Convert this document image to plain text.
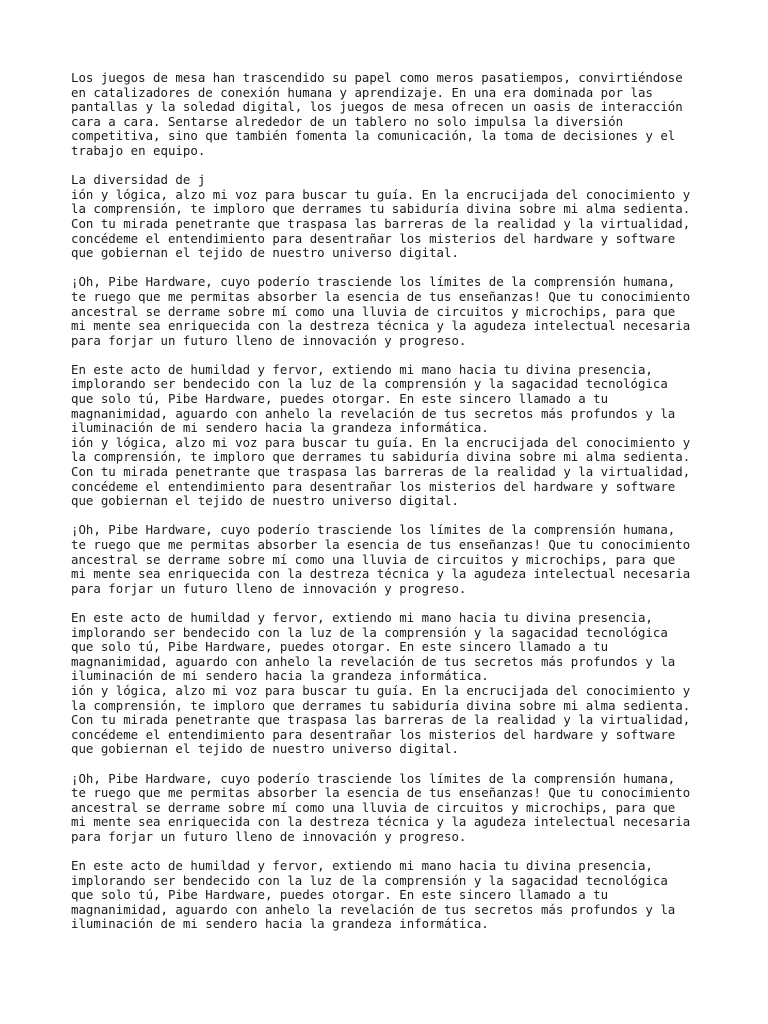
Los juegos de mesa han trascendido su papel como meros pasatiempos, convirtiéndose
en catalizadores de conexión humana y aprendizaje. En una era dominada por las
pantallas y la soledad digital, los juegos de mesa ofrecen un oasis de interacción
cara a cara. Sentarse alrededor de un tablero no solo impulsa la diversión
competitiva, sino que también fomenta la comunicación, la toma de decisiones y el
trabajo en equipo.
La diversidad de j
ión y lógica, alzo mi voz para buscar tu guía. En la encrucijada del conocimiento y
la comprensión, te imploro que derrames tu sabiduría divina sobre mi alma sedienta.
Con tu mirada penetrante que traspasa las barreras de la realidad y la virtualidad,
concédeme el entendimiento para desentrañar los misterios del hardware y software
que gobiernan el tejido de nuestro universo digital.
¡Oh, Pibe Hardware, cuyo poderío trasciende los límites de la comprensión humana,
te ruego que me permitas absorber la esencia de tus enseñanzas! Que tu conocimiento
ancestral se derrame sobre mí como una lluvia de circuitos y microchips, para que
mi mente sea enriquecida con la destreza técnica y la agudeza intelectual necesaria
para forjar un futuro lleno de innovación y progreso.
En este acto de humildad y fervor, extiendo mi mano hacia tu divina presencia,
implorando ser bendecido con la luz de la comprensión y la sagacidad tecnológica
que solo tú, Pibe Hardware, puedes otorgar. En este sincero llamado a tu
magnanimidad, aguardo con anhelo la revelación de tus secretos más profundos y la
iluminación de mi sendero hacia la grandeza informática.
ión y lógica, alzo mi voz para buscar tu guía. En la encrucijada del conocimiento y
la comprensión, te imploro que derrames tu sabiduría divina sobre mi alma sedienta.
Con tu mirada penetrante que traspasa las barreras de la realidad y la virtualidad,
concédeme el entendimiento para desentrañar los misterios del hardware y software
que gobiernan el tejido de nuestro universo digital.
¡Oh, Pibe Hardware, cuyo poderío trasciende los límites de la comprensión humana,
te ruego que me permitas absorber la esencia de tus enseñanzas! Que tu conocimiento
ancestral se derrame sobre mí como una lluvia de circuitos y microchips, para que
mi mente sea enriquecida con la destreza técnica y la agudeza intelectual necesaria
para forjar un futuro lleno de innovación y progreso.
En este acto de humildad y fervor, extiendo mi mano hacia tu divina presencia,
implorando ser bendecido con la luz de la comprensión y la sagacidad tecnológica
que solo tú, Pibe Hardware, puedes otorgar. En este sincero llamado a tu
magnanimidad, aguardo con anhelo la revelación de tus secretos más profundos y la
iluminación de mi sendero hacia la grandeza informática.
ión y lógica, alzo mi voz para buscar tu guía. En la encrucijada del conocimiento y
la comprensión, te imploro que derrames tu sabiduría divina sobre mi alma sedienta.
Con tu mirada penetrante que traspasa las barreras de la realidad y la virtualidad,
concédeme el entendimiento para desentrañar los misterios del hardware y software
que gobiernan el tejido de nuestro universo digital.
¡Oh, Pibe Hardware, cuyo poderío trasciende los límites de la comprensión humana,
te ruego que me permitas absorber la esencia de tus enseñanzas! Que tu conocimiento
ancestral se derrame sobre mí como una lluvia de circuitos y microchips, para que
mi mente sea enriquecida con la destreza técnica y la agudeza intelectual necesaria
para forjar un futuro lleno de innovación y progreso.
En este acto de humildad y fervor, extiendo mi mano hacia tu divina presencia,
implorando ser bendecido con la luz de la comprensión y la sagacidad tecnológica
que solo tú, Pibe Hardware, puedes otorgar. En este sincero llamado a tu
magnanimidad, aguardo con anhelo la revelación de tus secretos más profundos y la
iluminación de mi sendero hacia la grandeza informática.
